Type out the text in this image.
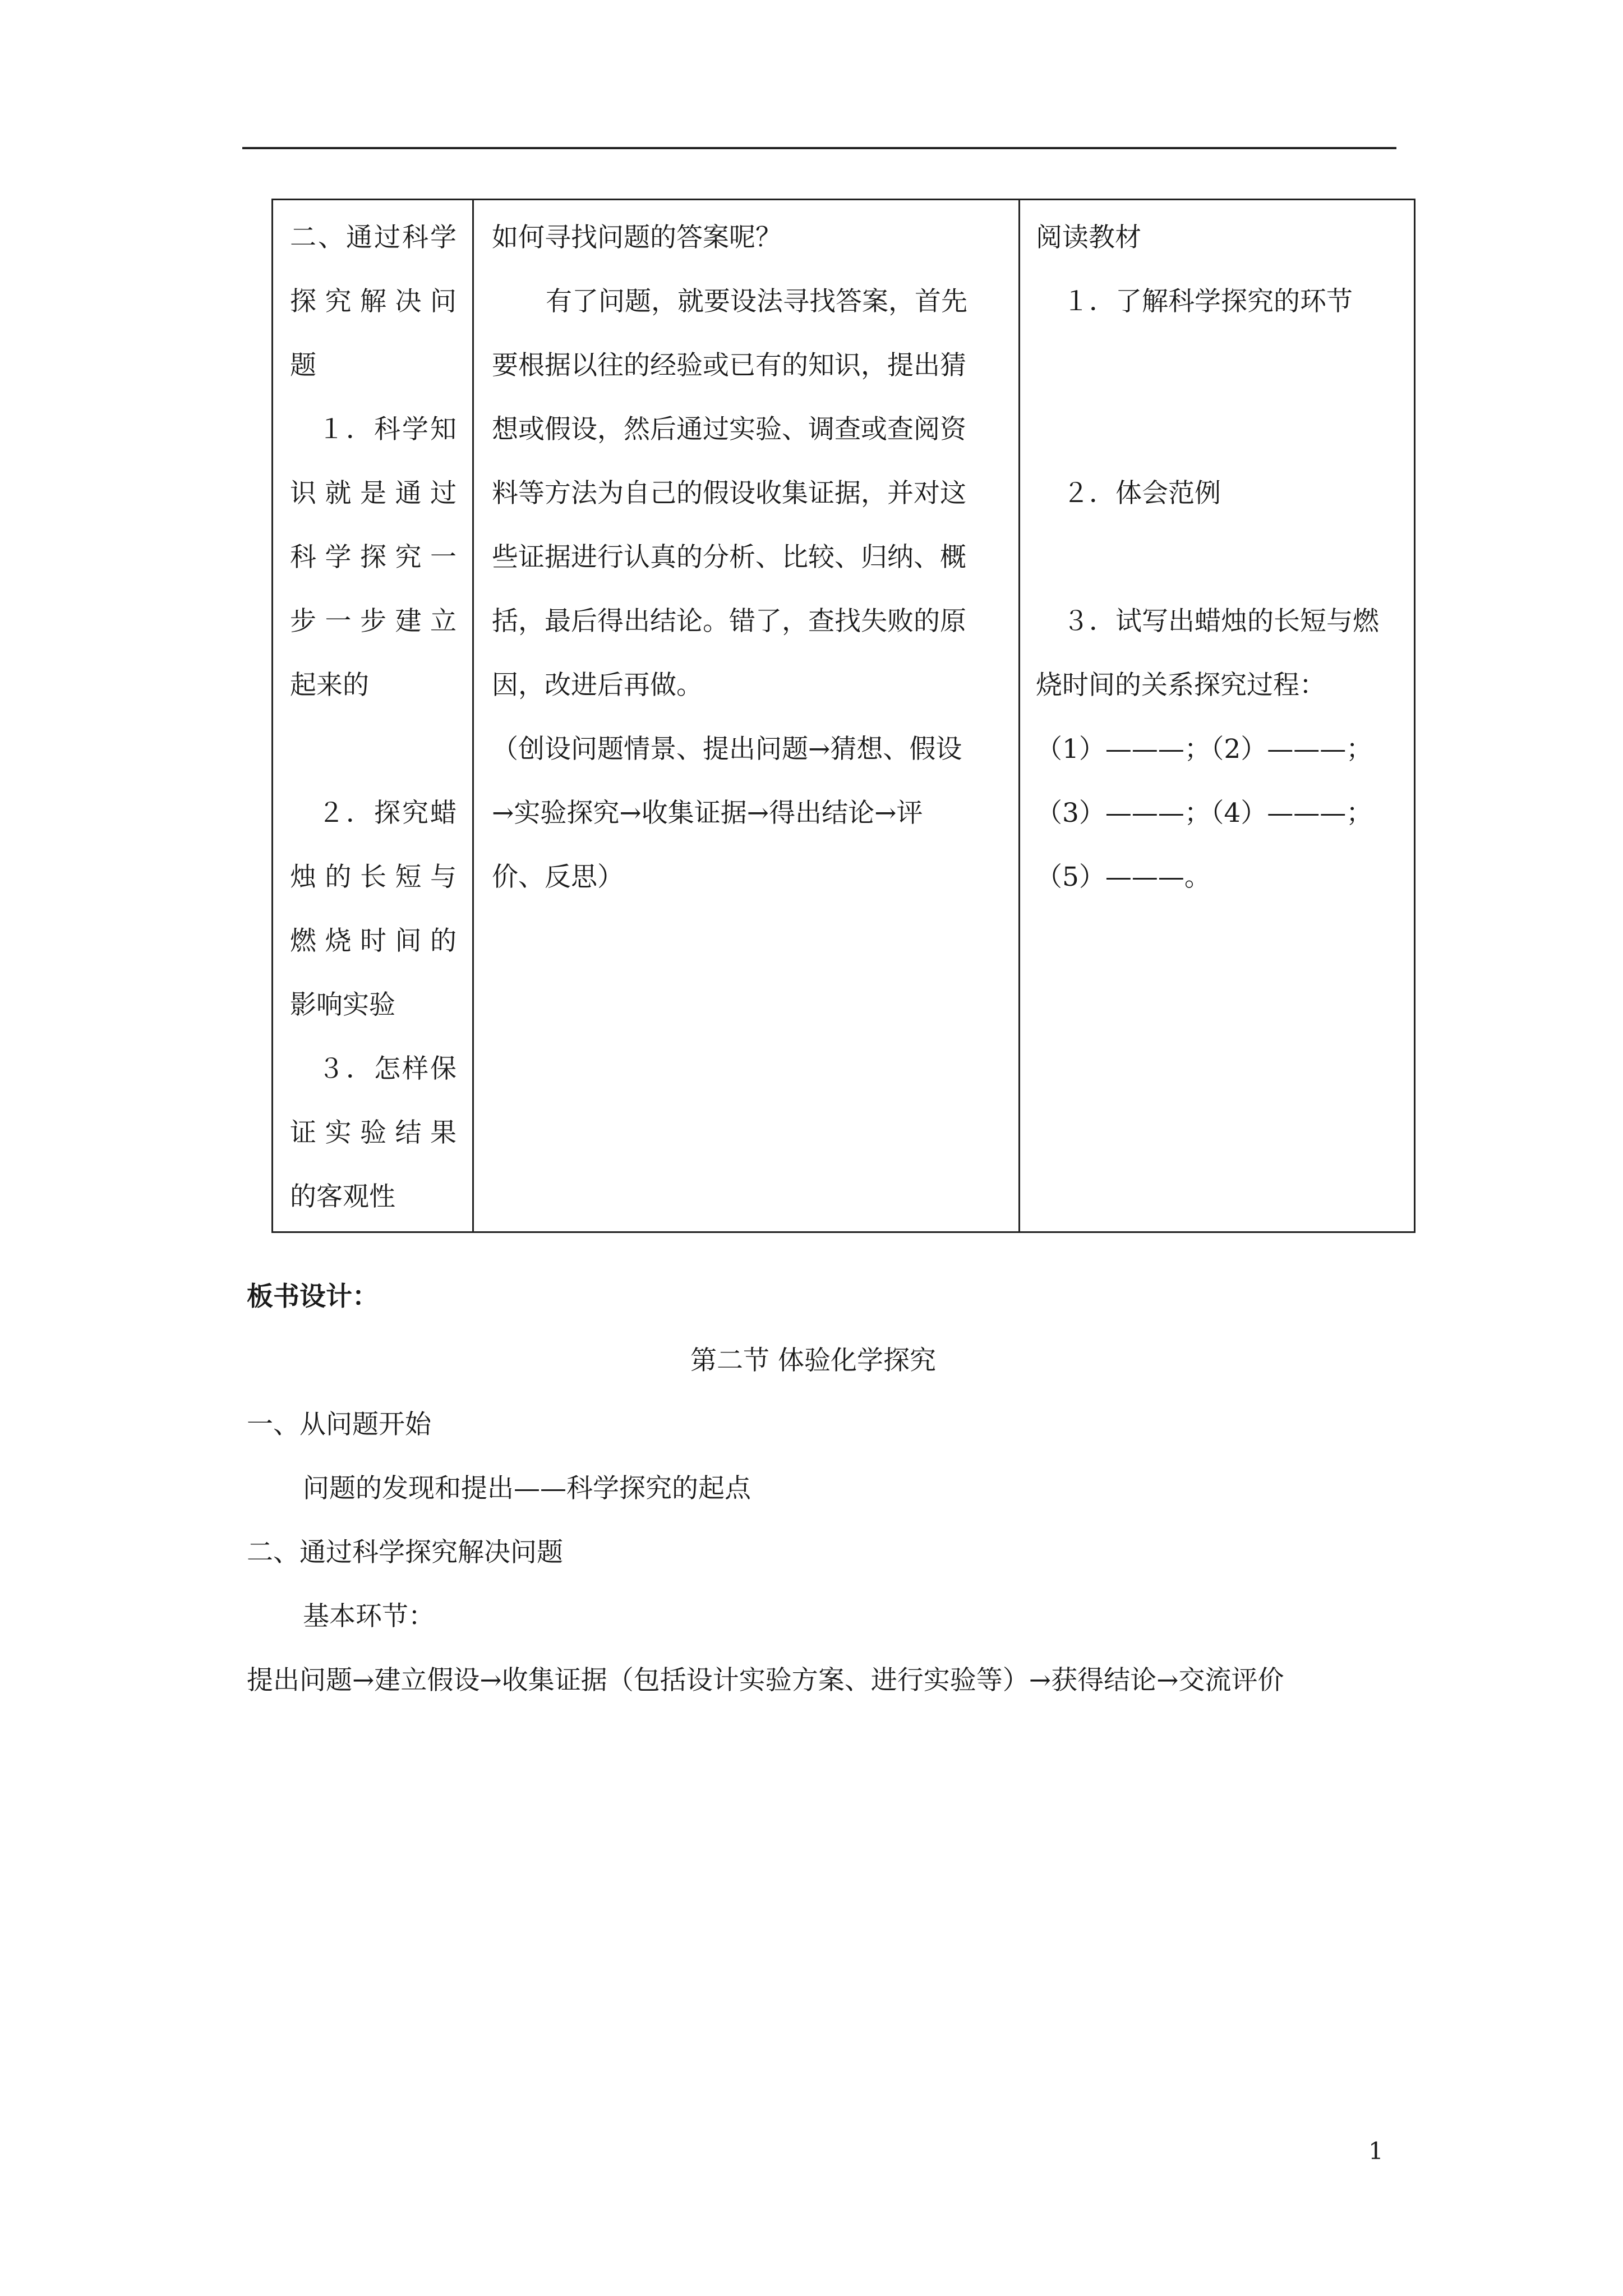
二、通过科学
探究解决问
题
　１．科学知
识就是通过
科学探究一
步一步建立
起来的
　２．探究蜡
烛的长短与
燃烧时间的
影响实验
　３．怎样保
证实验结果
的客观性
如何寻找问题的答案呢？
有了问题，就要设法寻找答案，首先
要根据以往的经验或已有的知识，提出猜
想或假设，然后通过实验、调查或查阅资
料等方法为自己的假设收集证据，并对这
些证据进行认真的分析、比较、归纳、概
括，最后得出结论。错了，查找失败的原
因，改进后再做。
（创设问题情景、提出问题→猜想、假设
→实验探究→收集证据→得出结论→评
价、反思）
阅读教材
１．了解科学探究的环节
２．体会范例
３．试写出蜡烛的长短与燃
烧时间的关系探究过程：
（1）———；（2）———；
（3）———；（4）———；
（5）———。
板书设计：
第二节 体验化学探究
一、从问题开始
问题的发现和提出——科学探究的起点
二、通过科学探究解决问题
基本环节：
提出问题→建立假设→收集证据（包括设计实验方案、进行实验等）→获得结论→交流评价
1
